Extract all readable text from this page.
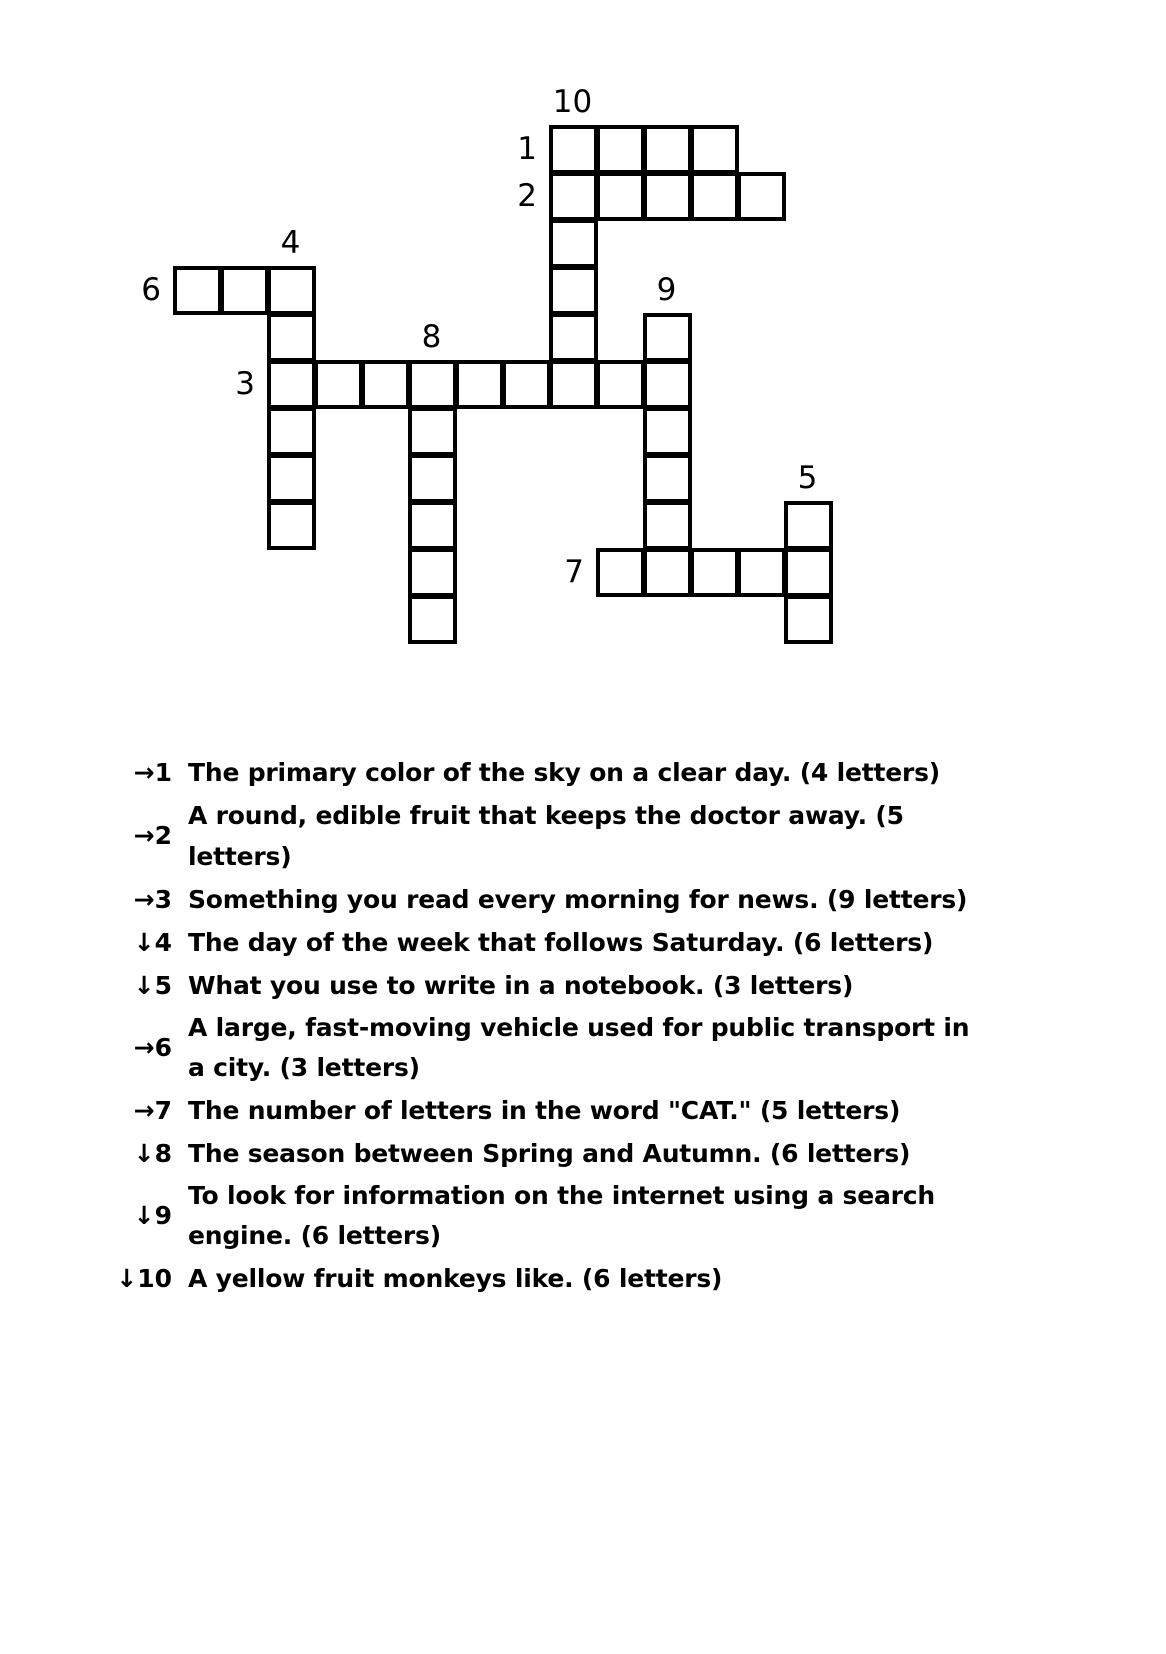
10
1
2
4
6	9
8
3
5
7
→1 The primary color of the sky on a clear day. (4 letters)
→2
A round, edible fruit that keeps the doctor away. (5 letters)
→3 Something you read every morning for news. (9 letters)
↓4 The day of the week that follows Saturday. (6 letters)
↓5 What you use to write in a notebook. (3 letters)
→6
A large, fast-moving vehicle used for public transport in a city. (3 letters)
→7 The number of letters in the word "CAT." (5 letters)
↓8 The season between Spring and Autumn. (6 letters)
↓9
To look for information on the internet using a search engine. (6 letters)
↓10 A yellow fruit monkeys like. (6 letters)
